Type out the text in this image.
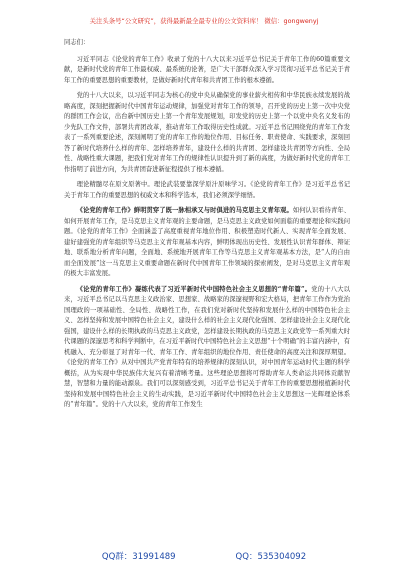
关注头条号“公文研究”，获得最新最全最专业的公文资料库！ 微信：gongwenyj

同志们：

习近平同志《论党的青年工作》收录了党的十八大以来习近平总书记关于青年工作的60篇重要文献，是新时代党的青年工作最权威、最系统的论著，是广大干部群众深入学习贯彻习近平总书记关于青年工作的重要思想的重要教材，是做好新时代青年和共青团工作的根本遵循。

党的十八大以来，以习近平同志为核心的党中央从确保党的事业薪火相传和中华民族永续发展的战略高度，深刻把握新时代中国青年运动规律，加强党对青年工作的领导，召开党的历史上第一次中央党的群团工作会议，出台新中国历史上第一个青年发展规划，印发党的历史上第一个以党中央名义发布的少先队工作文件，部署共青团改革，推动青年工作取得历史性成就。习近平总书记围绕党的青年工作发表了一系列重要论述，深刻阐明了党的青年工作的地位作用、目标任务、职责使命、实践要求，深刻回答了新时代培养什么样的青年、怎样培养青年，建设什么样的共青团、怎样建设共青团等方向性、全局性、战略性重大课题，把我们党对青年工作的规律性认识提升到了新的高度，为做好新时代党的青年工作指明了前进方向，为共青团奋进新征程提供了根本遵循。

理论精髓尽在原文原著中。理论武装要靠深学原汁原味学习。《论党的青年工作》是习近平总书记关于青年工作的重要思想的权威文本和科学选本，我们必须深学细悟。

《论党的青年工作》鲜明贯穿了既一脉相承又与时俱进的马克思主义青年观。如何认识看待青年、如何开展青年工作，是马克思主义青年观的主要命题，是马克思主义政党如何面临的重要理论和实践问题。《论党的青年工作》全面涵盖了高度重视青年地位作用、积极塑造时代新人、实现青年全面发展、建好建强党的青年组织等马克思主义青年观基本内容，鲜明体现出历史性、发展性认识青年群体、辩证地、联系地分析青年问题，全面地、系统地开展青年工作等马克思主义青年观基本方法，是“人的自由而全面发展”这一马克思主义重要命题在新时代中国青年工作领域的探索阐发，是对马克思主义青年观的极大丰富发展。

《论党的青年工作》凝练代表了习近平新时代中国特色社会主义思想的“青年篇”。党的十八大以来，习近平总书记以马克思主义政治家、思想家、战略家的深邃视野和宏大格局，把青年工作作为党治国理政的一项基础性、全局性、战略性工作，在我们党对新时代坚持和发展什么样的中国特色社会主义、怎样坚持和发展中国特色社会主义，建设什么样的社会主义现代化强国、怎样建设社会主义现代化强国，建设什么样的长期执政的马克思主义政党，怎样建设长期执政的马克思主义政党等一系列重大时代课题的深邃思考和科学判断中，在习近平新时代中国特色社会主义思想“十个明确”的丰富内涵中，有机融入、充分彰显了对青年一代、青年工作、青年组织的地位作用、责任使命的高度关注和深厚期望。《论党的青年工作》从对中国共产党青年特有的培养规律的深刻认识，对中国青年运动时代主题的科学概括，从为实现中华民族伟大复兴有着清晰考量。这些理论思想将可帮助青年人类命运共同体贡献智慧，智慧和力量的能动源泉。我们可以深刻感受到，习近平总书记关于青年工作的重要思想根植新时代坚持和发展中国特色社会主义的生动实践，是习近平新时代中国特色社会主义思想这一光辉理论体系的“青年篇”。党的十八大以来，党的青年工作发生

QQ群：31991489	QQ：535304092
